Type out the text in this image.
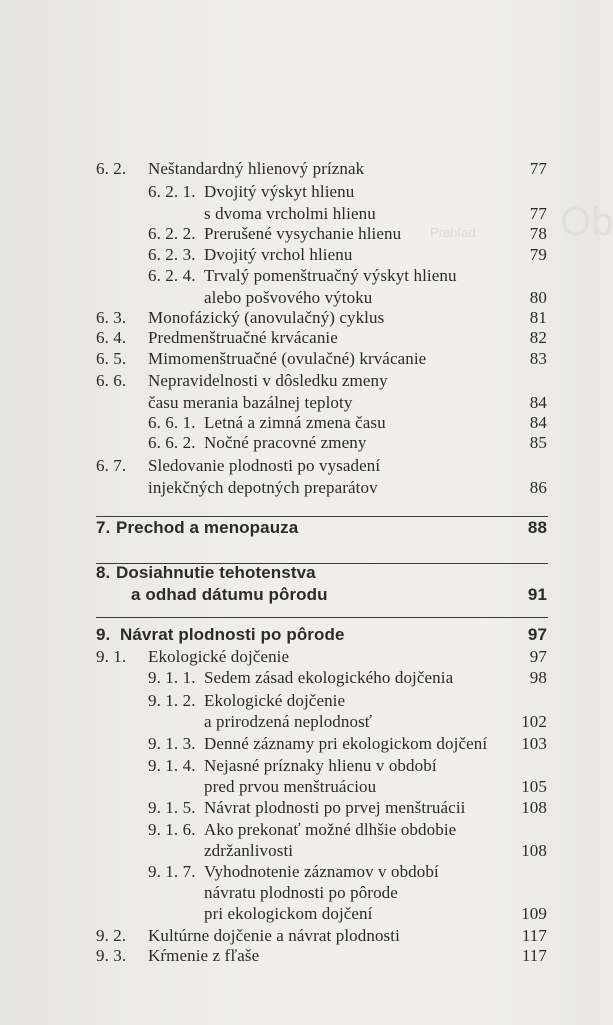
Prehľad Ob
6. 2. Neštandardný hlienový príznak	77
6. 2. 1. Dvojitý výskyt hlienu
s dvoma vrcholmi hlienu	77
6. 2. 2. Prerušené vysychanie hlienu	78
6. 2. 3. Dvojitý vrchol hlienu	79
6. 2. 4. Trvalý pomenštruačný výskyt hlienu
alebo pošvového výtoku	80
6. 3. Monofázický (anovulačný) cyklus	81
6. 4. Predmenštruačné krvácanie	82
6. 5. Mimomenštruačné (ovulačné) krvácanie	83
6. 6. Nepravidelnosti v dôsledku zmeny
času merania bazálnej teploty	84
6. 6. 1. Letná a zimná zmena času	84
6. 6. 2. Nočné pracovné zmeny	85
6. 7. Sledovanie plodnosti po vysadení
injekčných depotných preparátov	86
7. Prechod a menopauza	88
8. Dosiahnutie tehotenstva
a odhad dátumu pôrodu	91
9. Návrat plodnosti po pôrode	97
9. 1. Ekologické dojčenie	97
9. 1. 1. Sedem zásad ekologického dojčenia	98
9. 1. 2. Ekologické dojčenie
a prirodzená neplodnosť	102
9. 1. 3. Denné záznamy pri ekologickom dojčení	103
9. 1. 4. Nejasné príznaky hlienu v období
pred prvou menštruáciou	105
9. 1. 5. Návrat plodnosti po prvej menštruácii	108
9. 1. 6. Ako prekonať možné dlhšie obdobie
zdržanlivosti	108
9. 1. 7. Vyhodnotenie záznamov v období
návratu plodnosti po pôrode
pri ekologickom dojčení	109
9. 2. Kultúrne dojčenie a návrat plodnosti	117
9. 3. Kŕmenie z fľaše	117
